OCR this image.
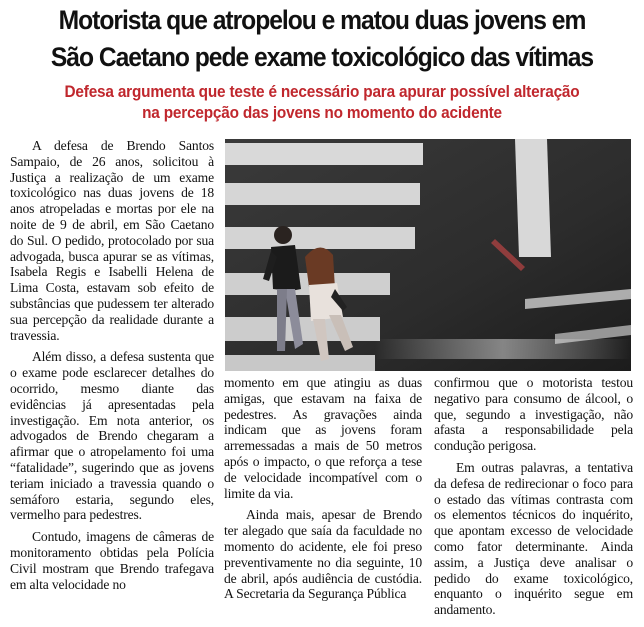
Motorista que atropelou e matou duas jovens em
São Caetano pede exame toxicológico das vítimas
Defesa argumenta que teste é necessário para apurar possível alteração
na percepção das jovens no momento do acidente

A defesa de Brendo Santos Sampaio, de 26 anos, solicitou à Justiça a realização de um exame toxicológico nas duas jovens de 18 anos atropeladas e mortas por ele na noite de 9 de abril, em São Caetano do Sul. O pedido, protocolado por sua advogada, busca apurar se as vítimas, Isabela Regis e Isabelli Helena de Lima Costa, estavam sob efeito de substâncias que pudessem ter alterado sua percepção da realidade durante a travessia.

Além disso, a defesa sustenta que o exame pode esclarecer detalhes do ocorrido, mesmo diante das evidências já apresentadas pela investigação. Em nota anterior, os advogados de Brendo chegaram a afirmar que o atropelamento foi uma “fatalidade”, sugerindo que as jovens teriam iniciado a travessia quando o semáforo estaria, segundo eles, vermelho para pedestres.

Contudo, imagens de câmeras de monitoramento obtidas pela Polícia Civil mostram que Brendo trafegava em alta velocidade no

momento em que atingiu as duas amigas, que estavam na faixa de pedestres. As gravações ainda indicam que as jovens foram arremessadas a mais de 50 metros após o impacto, o que reforça a tese de velocidade incompatível com o limite da via.

Ainda mais, apesar de Brendo ter alegado que saía da faculdade no momento do acidente, ele foi preso preventivamente no dia seguinte, 10 de abril, após audiência de custódia. A Secretaria da Segurança Pública

confirmou que o motorista testou negativo para consumo de álcool, o que, segundo a investigação, não afasta a responsabilidade pela condução perigosa.

Em outras palavras, a tentativa da defesa de redirecionar o foco para o estado das vítimas contrasta com os elementos técnicos do inquérito, que apontam excesso de velocidade como fator determinante. Ainda assim, a Justiça deve analisar o pedido do exame toxicológico, enquanto o inquérito segue em andamento.
